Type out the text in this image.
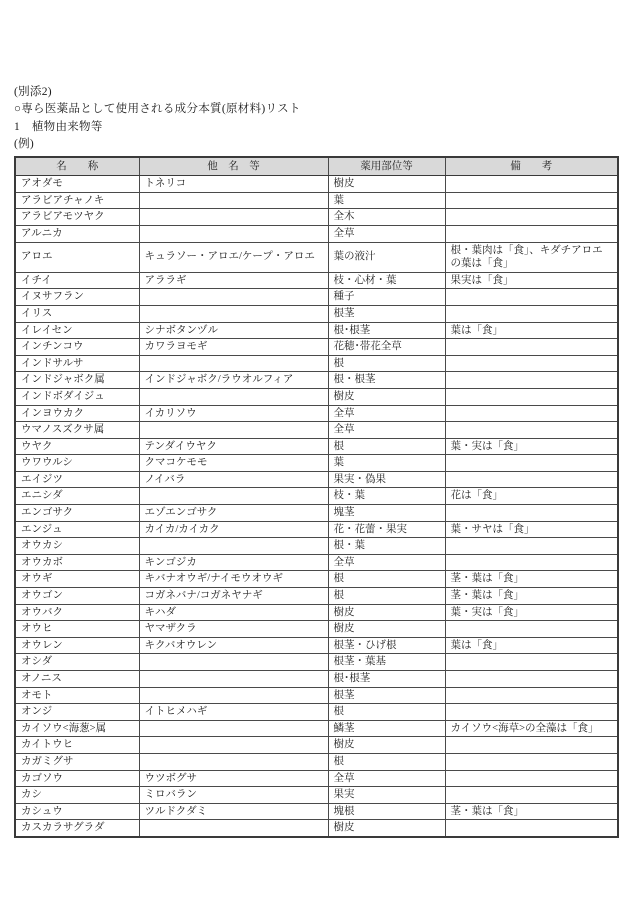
(別添2)
○専ら医薬品として使用される成分本質(原材料)リスト
1　植物由来物等
(例)
名　　称	他　名　等	薬用部位等	備　　考
アオダモ	トネリコ	樹皮	
アラビアチャノキ		葉	
アラビアモツヤク		全木	
アルニカ		全草	
アロエ	キュラソー・アロエ/ケープ・アロエ	葉の液汁	根・葉肉は「食」、キダチアロエの葉は「食」
イチイ	アララギ	枝・心材・葉	果実は「食」
イヌサフラン		種子	
イリス		根茎	
イレイセン	シナボタンヅル	根･根茎	葉は「食」
インチンコウ	カワラヨモギ	花穂･帯花全草	
インドサルサ		根	
インドジャボク属	インドジャボク/ラウオルフィア	根・根茎	
インドボダイジュ		樹皮	
インヨウカク	イカリソウ	全草	
ウマノスズクサ属		全草	
ウヤク	テンダイウヤク	根	葉・実は「食」
ウワウルシ	クマコケモモ	葉	
エイジツ	ノイバラ	果実・偽果	
エニシダ		枝・葉	花は「食」
エンゴサク	エゾエンゴサク	塊茎	
エンジュ	カイカ/カイカク	花・花蕾・果実	葉・サヤは「食」
オウカシ		根・葉	
オウカボ	キンゴジカ	全草	
オウギ	キバナオウギ/ナイモウオウギ	根	茎・葉は「食」
オウゴン	コガネバナ/コガネヤナギ	根	茎・葉は「食」
オウバク	キハダ	樹皮	葉・実は「食」
オウヒ	ヤマザクラ	樹皮	
オウレン	キクバオウレン	根茎・ひげ根	葉は「食」
オシダ		根茎・葉基	
オノニス		根･根茎	
オモト		根茎	
オンジ	イトヒメハギ	根	
カイソウ<海葱>属		鱗茎	カイソウ<海草>の全藻は「食」
カイトウヒ		樹皮	
カガミグサ		根	
カゴソウ	ウツボグサ	全草	
カシ	ミロバラン	果実	
カシュウ	ツルドクダミ	塊根	茎・葉は「食」
カスカラサグラダ		樹皮	
